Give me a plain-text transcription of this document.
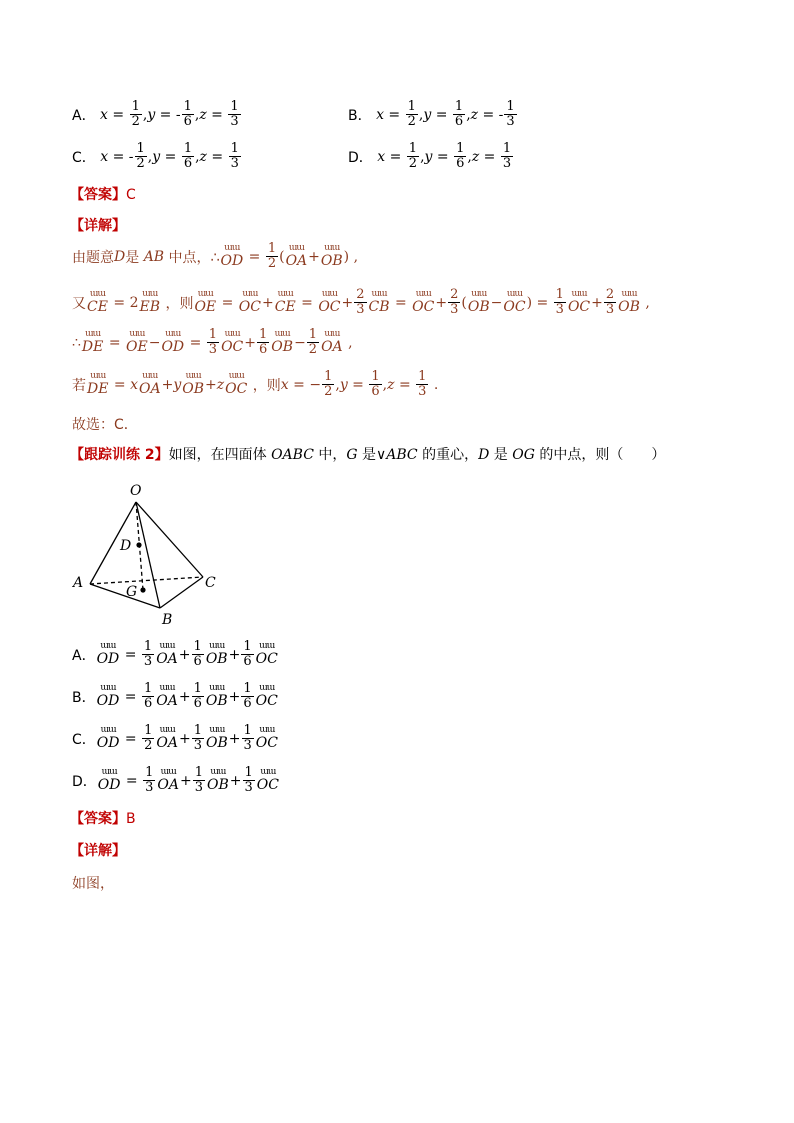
A．
$x = \frac{1}{2}$ , y = - $\frac{1}{6}$ , $z = \frac{1}{3}$	B．
$x = \frac{1}{2}$ , $y = \frac{1}{6}$ , z = - $\frac{1}{3}$
C．
x = - $\frac{1}{2}$ , $y = \frac{1}{6}$ , $z = \frac{1}{3}$	D．
$x = \frac{1}{2}$ , $y = \frac{1}{6}$ , $z = \frac{1}{3}$
【答案】C
【详解】
由题意 D 是
AB
中点，∴
ɯɯ
OD = $\frac{1}{2}$ (
ɯɯ
OA +
ɯɯ
OB ) ,
又
ɯɯ
CE = 2
ɯɯ
EB
，则
ɯɯ
OE =
ɯɯ
OC +
ɯɯ
CE =
ɯɯ
OC + $\frac{2}{3}$ ɯɯ
CB =
ɯɯ
OC + $\frac{2}{3}$ (
ɯɯ
OB −
ɯɯ
OC ) = $\frac{1}{3}$ ɯɯ
OC + $\frac{2}{3}$ ɯɯ
OB ,
∴
ɯɯ
DE =
ɯɯ
OE −
ɯɯ
OD = $\frac{1}{3}$ ɯɯ
OC + $\frac{1}{6}$ ɯɯ
OB − $\frac{1}{2}$ ɯɯ
OA ,
若
ɯɯ
DE = x
ɯɯ
OA + y
ɯɯ
OB + z
ɯɯ
OC
，则 x = − $\frac{1}{2}$ , $y = \frac{1}{6}$ , $z = \frac{1}{3}$ .
故选：C．
【跟踪训练 2】如图，在四面体 OABC 中，G 是∨ABC 的重心，D 是 OG 的中点，则（　　）
O
D
A
G
C
B
A．
ɯɯ
OD = $\frac{1}{3}$ ɯɯ
OA + $\frac{1}{6}$ ɯɯ
OB + $\frac{1}{6}$ ɯɯ
OC
B．
ɯɯ
OD = $\frac{1}{6}$ ɯɯ
OA + $\frac{1}{6}$ ɯɯ
OB + $\frac{1}{6}$ ɯɯ
OC
C．
ɯɯ
OD = $\frac{1}{2}$ ɯɯ
OA + $\frac{1}{3}$ ɯɯ
OB + $\frac{1}{3}$ ɯɯ
OC
D．
ɯɯ
OD = $\frac{1}{3}$ ɯɯ
OA + $\frac{1}{3}$ ɯɯ
OB + $\frac{1}{3}$ ɯɯ
OC
【答案】B
【详解】
如图，
